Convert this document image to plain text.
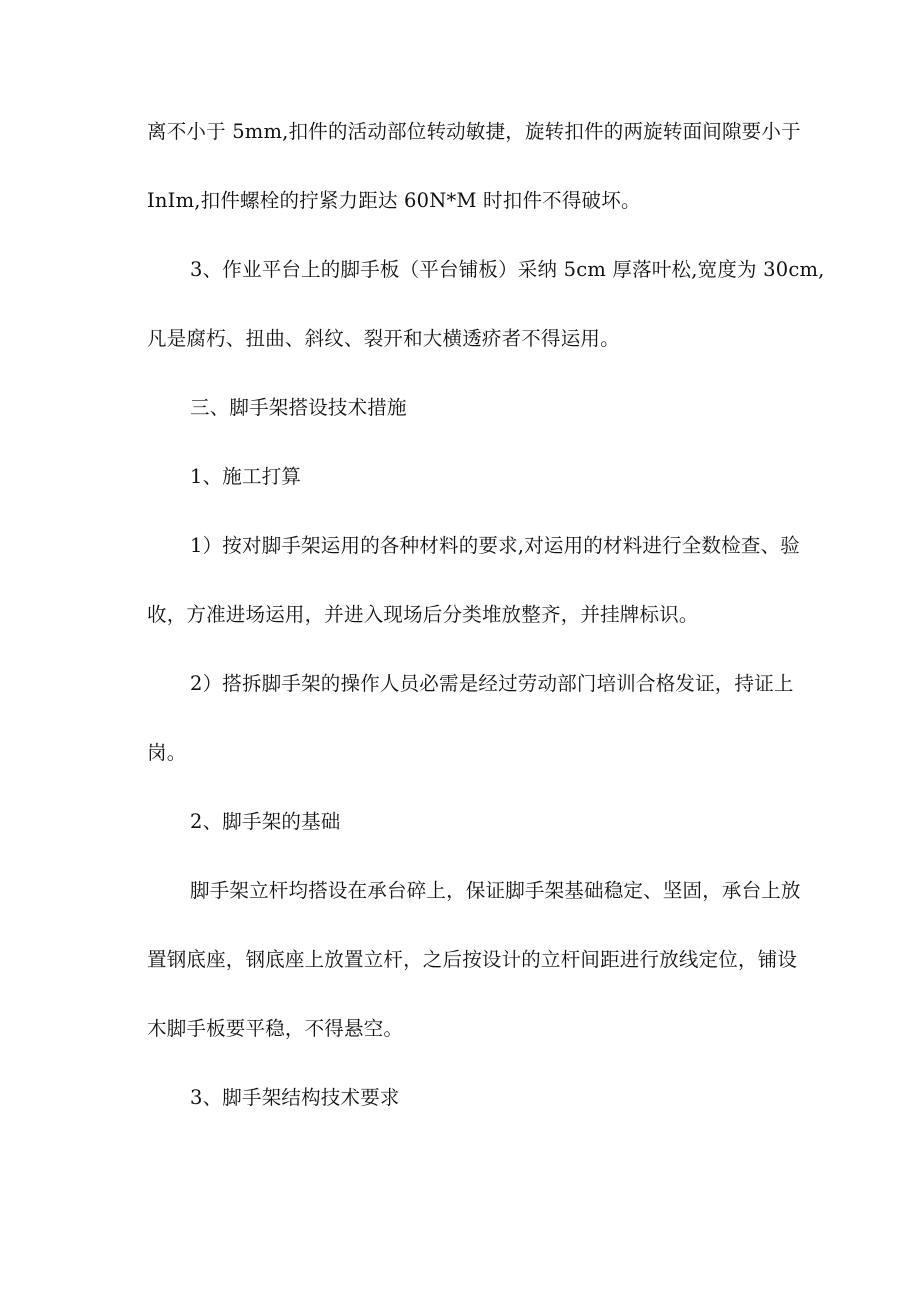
离不小于 5mm,扣件的活动部位转动敏捷，旋转扣件的两旋转面间隙要小于
InIm,扣件螺栓的拧紧力距达 60N*M 时扣件不得破坏。
3、作业平台上的脚手板（平台铺板）采纳 5cm 厚落叶松,宽度为 30cm,
凡是腐朽、扭曲、斜纹、裂开和大横透疥者不得运用。
三、脚手架搭设技术措施
1、施工打算
1）按对脚手架运用的各种材料的要求,对运用的材料进行全数检查、验
收，方准进场运用，并进入现场后分类堆放整齐，并挂牌标识。
2）搭拆脚手架的操作人员必需是经过劳动部门培训合格发证，持证上
岗。
2、脚手架的基础
脚手架立杆均搭设在承台碎上，保证脚手架基础稳定、坚固，承台上放
置钢底座，钢底座上放置立杆，之后按设计的立杆间距进行放线定位，铺设
木脚手板要平稳，不得悬空。
3、脚手架结构技术要求
